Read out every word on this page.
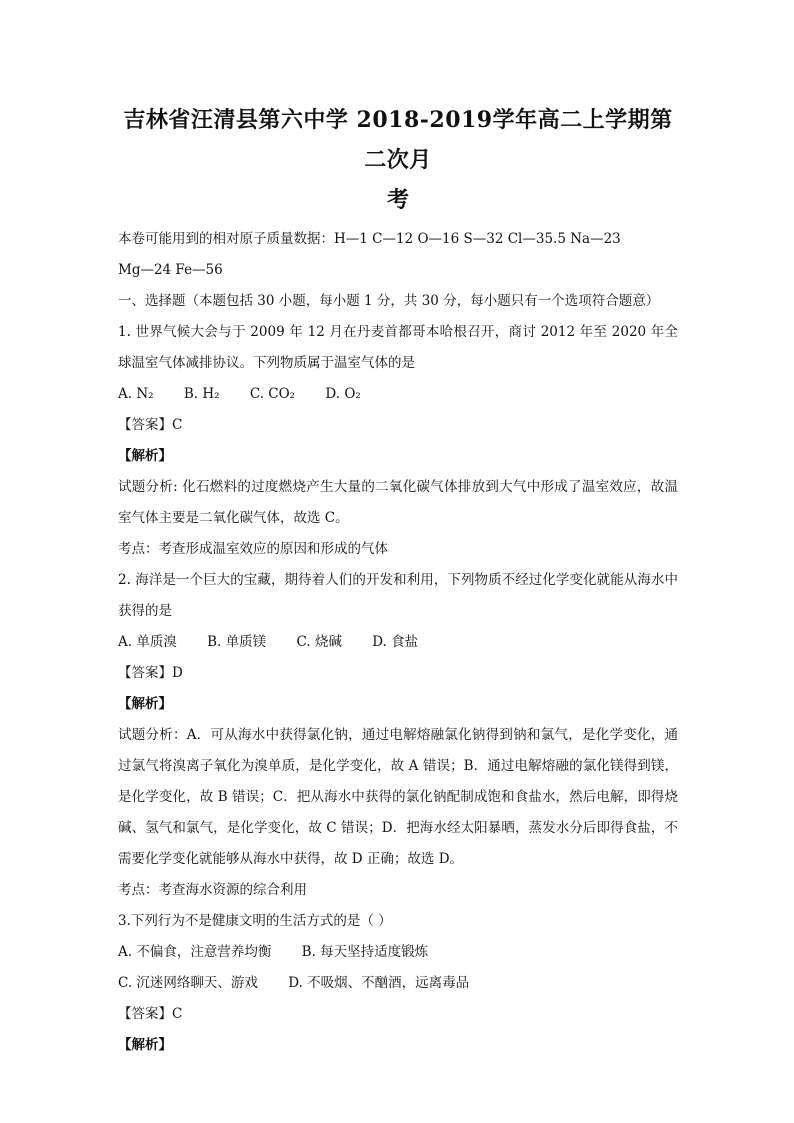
吉林省汪清县第六中学 2018-2019学年高二上学期第二次月

考

本卷可能用到的相对原子质量数据：H—1 C—12 O—16 S—32 Cl—35.5 Na—23

Mg—24 Fe—56

一、选择题（本题包括 30 小题，每小题 1 分，共 30 分，每小题只有一个选项符合题意）

1. 世界气候大会与于 2009 年 12 月在丹麦首都哥本哈根召开，商讨 2012 年至 2020 年全球温室气体减排协议。下列物质属于温室气体的是

A. N₂ B. H₂ C. CO₂ D. O₂

【答案】C

【解析】

试题分析: 化石燃料的过度燃烧产生大量的二氧化碳气体排放到大气中形成了温室效应，故温室气体主要是二氧化碳气体，故选 C。

考点：考查形成温室效应的原因和形成的气体

2. 海洋是一个巨大的宝藏，期待着人们的开发和利用，下列物质不经过化学变化就能从海水中获得的是

A. 单质溴 B. 单质镁 C. 烧碱 D. 食盐

【答案】D

【解析】

试题分析：A．可从海水中获得氯化钠，通过电解熔融氯化钠得到钠和氯气，是化学变化，通过氯气将溴离子氧化为溴单质，是化学变化，故 A 错误；B．通过电解熔融的氯化镁得到镁，是化学变化，故 B 错误；C．把从海水中获得的氯化钠配制成饱和食盐水，然后电解，即得烧碱、氢气和氯气，是化学变化，故 C 错误；D．把海水经太阳暴晒，蒸发水分后即得食盐，不需要化学变化就能够从海水中获得，故 D 正确；故选 D。

考点：考查海水资源的综合利用

3.下列行为不是健康文明的生活方式的是（ ）

A. 不偏食，注意营养均衡 B. 每天坚持适度锻炼

C. 沉迷网络聊天、游戏 D. 不吸烟、不酗酒，远离毒品

【答案】C

【解析】
